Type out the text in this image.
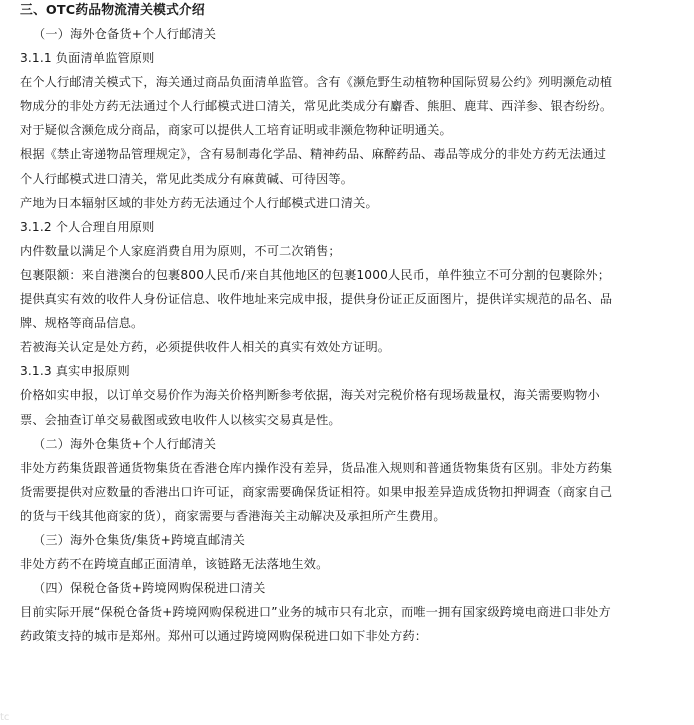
三、OTC药品物流清关模式介绍
（一）海外仓备货+个人行邮清关
3.1.1 负面清单监管原则
在个人行邮清关模式下，海关通过商品负面清单监管。含有《濒危野生动植物种国际贸易公约》列明濒危动植
物成分的非处方药无法通过个人行邮模式进口清关，常见此类成分有麝香、熊胆、鹿茸、西洋参、银杏纷纷。
对于疑似含濒危成分商品，商家可以提供人工培育证明或非濒危物种证明通关。
根据《禁止寄递物品管理规定》，含有易制毒化学品、精神药品、麻醉药品、毒品等成分的非处方药无法通过
个人行邮模式进口清关，常见此类成分有麻黄碱、可待因等。
产地为日本辐射区域的非处方药无法通过个人行邮模式进口清关。
3.1.2 个人合理自用原则
内件数量以满足个人家庭消费自用为原则，不可二次销售；
包裹限额：来自港澳台的包裹800人民币/来自其他地区的包裹1000人民币，单件独立不可分割的包裹除外；
提供真实有效的收件人身份证信息、收件地址来完成申报，提供身份证正反面图片，提供详实规范的品名、品
牌、规格等商品信息。
若被海关认定是处方药，必须提供收件人相关的真实有效处方证明。
3.1.3 真实申报原则
价格如实申报，以订单交易价作为海关价格判断参考依据，海关对完税价格有现场裁量权，海关需要购物小
票、会抽查订单交易截图或致电收件人以核实交易真是性。
（二）海外仓集货+个人行邮清关
非处方药集货跟普通货物集货在香港仓库内操作没有差异，货品准入规则和普通货物集货有区别。非处方药集
货需要提供对应数量的香港出口许可证，商家需要确保货证相符。如果申报差异造成货物扣押调查（商家自己
的货与干线其他商家的货），商家需要与香港海关主动解决及承担所产生费用。
（三）海外仓集货/集货+跨境直邮清关
非处方药不在跨境直邮正面清单，该链路无法落地生效。
（四）保税仓备货+跨境网购保税进口清关
目前实际开展“保税仓备货+跨境网购保税进口”业务的城市只有北京，而唯一拥有国家级跨境电商进口非处方
药政策支持的城市是郑州。郑州可以通过跨境网购保税进口如下非处方药：
tc
